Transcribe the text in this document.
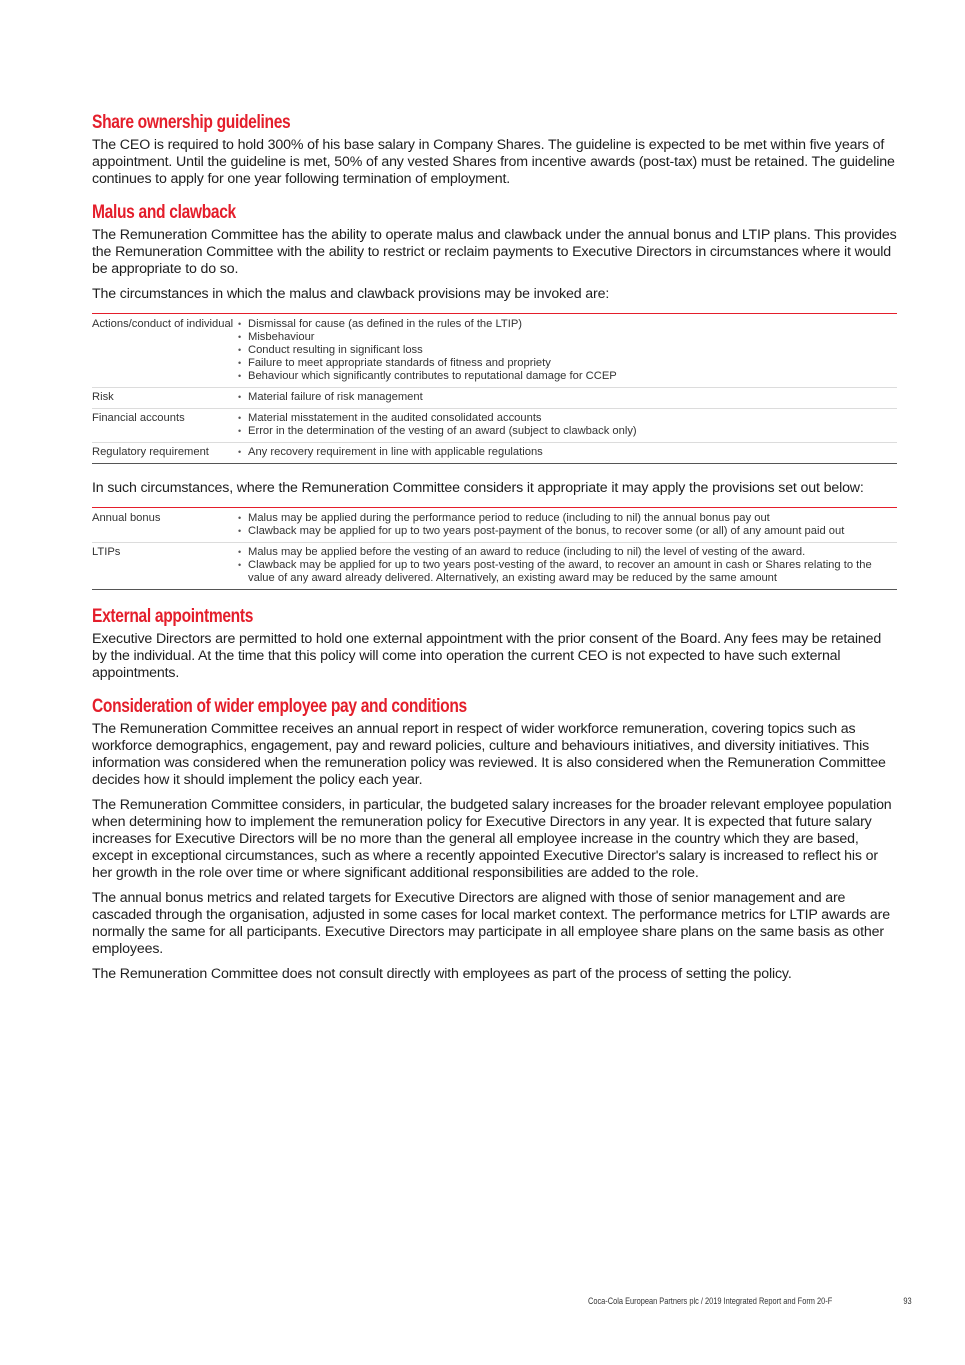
Share ownership guidelines

The CEO is required to hold 300% of his base salary in Company Shares. The guideline is expected to be met within five years of appointment. Until the guideline is met, 50% of any vested Shares from incentive awards (post-tax) must be retained. The guideline continues to apply for one year following termination of employment.

Malus and clawback

The Remuneration Committee has the ability to operate malus and clawback under the annual bonus and LTIP plans. This provides the Remuneration Committee with the ability to restrict or reclaim payments to Executive Directors in circumstances where it would be appropriate to do so.

The circumstances in which the malus and clawback provisions may be invoked are:

Actions/conduct of individual	
•Dismissal for cause (as defined in the rules of the LTIP)
• Misbehaviour
• Conduct resulting in significant loss
• Failure to meet appropriate standards of fitness and propriety
• Behaviour which significantly contributes to reputational damage for CCEP

Risk	
•Material failure of risk management

Financial accounts	
•Material misstatement in the audited consolidated accounts
• Error in the determination of the vesting of an award (subject to clawback only)

Regulatory requirement	
•Any recovery requirement in line with applicable regulations

In such circumstances, where the Remuneration Committee considers it appropriate it may apply the provisions set out below:

Annual bonus	
•Malus may be applied during the performance period to reduce (including to nil) the annual bonus pay out
• Clawback may be applied for up to two years post-payment of the bonus, to recover some (or all) of any amount paid out

LTIPs	
•Malus may be applied before the vesting of an award to reduce (including to nil) the level of vesting of the award.
• Clawback may be applied for up to two years post-vesting of the award, to recover an amount in cash or Shares relating to the value of any award already delivered. Alternatively, an existing award may be reduced by the same amount
External appointments

Executive Directors are permitted to hold one external appointment with the prior consent of the Board. Any fees may be retained by the individual. At the time that this policy will come into operation the current CEO is not expected to have such external appointments.

Consideration of wider employee pay and conditions

The Remuneration Committee receives an annual report in respect of wider workforce remuneration, covering topics such as workforce demographics, engagement, pay and reward policies, culture and behaviours initiatives, and diversity initiatives. This information was considered when the remuneration policy was reviewed. It is also considered when the Remuneration Committee decides how it should implement the policy each year.

The Remuneration Committee considers, in particular, the budgeted salary increases for the broader relevant employee population when determining how to implement the remuneration policy for Executive Directors in any year. It is expected that future salary increases for Executive Directors will be no more than the general all employee increase in the country which they are based, except in exceptional circumstances, such as where a recently appointed Executive Director's salary is increased to reflect his or her growth in the role over time or where significant additional responsibilities are added to the role.

The annual bonus metrics and related targets for Executive Directors are aligned with those of senior management and are cascaded through the organisation, adjusted in some cases for local market context. The performance metrics for LTIP awards are normally the same for all participants. Executive Directors may participate in all employee share plans on the same basis as other employees.

The Remuneration Committee does not consult directly with employees as part of the process of setting the policy.

Coca-Cola European Partners plc / 2019 Integrated Report and Form 20-F	93
